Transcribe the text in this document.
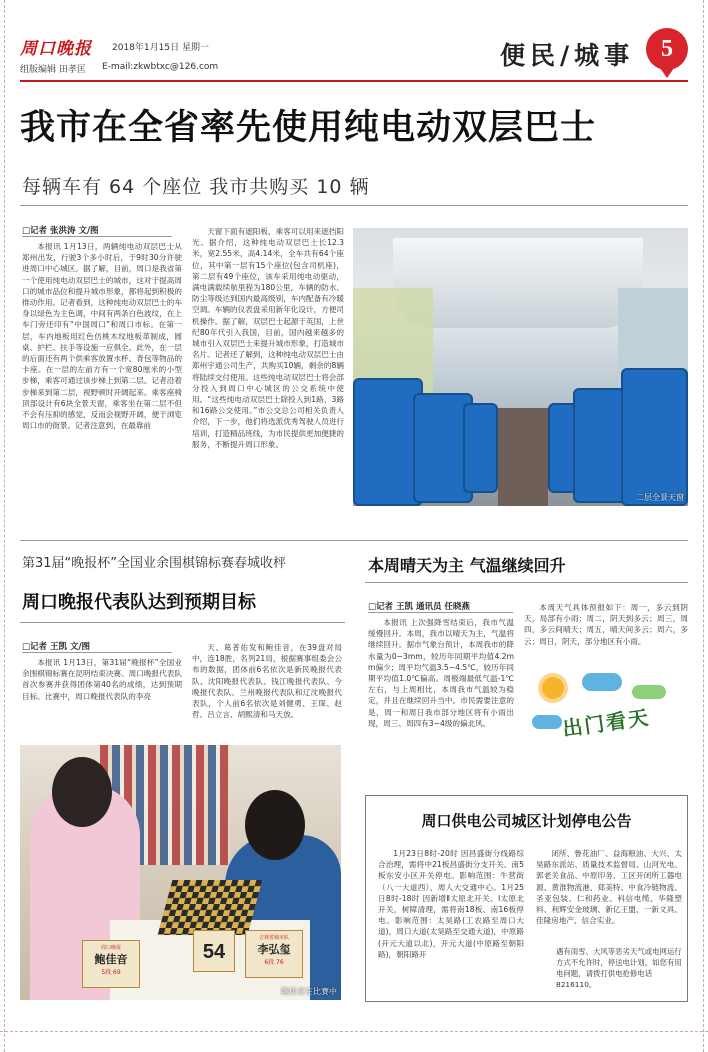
周口晚报 2018年1月15日 星期一
组版编辑 田孝匡 E-mail:zkwbtxc@126.com	便民/城事	5
我市在全省率先使用纯电动双层巴士
每辆车有 64 个座位 我市共购买 10 辆
□记者 张洪涛 文/图

本报讯 1月13日，两辆纯电动双层巴士从郑州出发，行驶3个多小时后，于9时30分许驶进周口中心城区。据了解，目前，周口是我省第一个使用纯电动双层巴士的城市，这对于提高周口的城市品位和提升城市形象，都将起到积极的推动作用。记者看到，这种纯电动双层巴士的车身以绿色为主色调，中间有两条白色波纹，在上车门旁还印有“中国周口”和周口市标。在第一层，车内地板用红色仿桃木纹地板革制成，圆桌、护栏、扶手等设施一应俱全。此外，在一层的后面还有两个供乘客放置水杯、背包等物品的卡座。在一层的左前方有一个宽80厘米的小型步梯，乘客可通过该步梯上到第二层。记者沿着步梯来到第二层，视野顿时开阔起来。乘客座椅顶部设计有6块全景天窗，乘客坐在第二层不但不会有压抑的感觉，反而会视野开阔，便于浏览周口市的街景。记者注意到，在最靠前

天窗下面有遮阳板，乘客可以用来遮挡阳光。据介绍，这种纯电动双层巴士长12.3米，宽2.55米，高4.14米，全车共有64个座位，其中第一层有15个座位(包含司机座)，第二层有49个座位，该车采用纯电动驱动，满电满载续航里程为180公里，车辆的防水、防尘等级达到国内最高级别，车内配备有冷暖空调。车辆的仪表盘采用新年化设计，方便司机操作。据了解，双层巴士起源于英国，上世纪80年代引入我国，目前，国内越来越多的城市引入双层巴士来提升城市形象，打造城市名片。记者还了解到，这种纯电动双层巴士由郑州宇通公司生产，共购买10辆，剩余的8辆将陆续交付使用。这些纯电动双层巴士将会部分投入到周口中心城区的公交系统中使用。“这些纯电动双层巴士除投入到1路、3路和16路公交使用。”市公交总公司相关负责人介绍，下一步，他们将选派优秀驾驶人员进行培训，打造精品班线，为市民提供更加便捷的服务，不断提升周口形象。

二层全景天窗
第31届“晚报杯”全国业余围棋锦标赛春城收枰
周口晚报代表队达到预期目标
□记者 王凯 文/图

本报讯 1月13日，第31届“晚报杯”全国业余围棋锦标赛在昆明结束决赛。周口晚报代表队首次参赛并获得团体第40名的成绩，达到预期目标。比赛中，周口晚报代表队的李亮

天、葛普佑发和鲍佳音，在39盘对局中，连18胜，名列21局，根据赛事组委会公布的数据，团体前6名依次是新民晚报代表队、沈阳晚报代表队、钱江晚报代表队、今晚报代表队、兰州晚报代表队和辽沈晚报代表队，个人前6名依次是刘健勇、王琛、赵哲、吕立言、胡熙清和马天放。

周口晚报
鲍佳音
5段 69
54
吉林省城市队
李弘玺
6段 76
鲍佳音在比赛中
本周晴天为主 气温继续回升
□记者 王凯 通讯员 任晓燕

本报讯 上次强降雪结束后，我市气温缓慢回升。本周，我市以晴天为主，气温将继续回升。据市气象台预计，本周我市的降水量为0~3mm，较历年同期平均值4.2mm偏少；周平均气温3.5~4.5℃，较历年同期平均值1.0℃偏高。周极端最低气温-1℃左右，与上周相比，本周我市气温较为稳定，并且在继续回升当中。市民需要注意的是，周一和周日我市部分地区将有小雨出现，周三、周四有3~4级的偏北风。

本周天气具体预报如下：周一，多云到阴天，局部有小雨；周二，阴天到多云；周三，周四，多云间晴天；周五，晴天间多云；周六，多云；周日，阴天，部分地区有小雨。

出门看天
周口供电公司城区计划停电公告

1月23日8时-20时 因昌盛街分线路综合治理，需将中21板昌盛街分支开关、南5板东安小区开关停电。影响范围：牛营街（八一大道西）、周人大交通中心。1月25日8时-18时 因新增Ⅱ太原北开关、Ⅰ太原北开关，树障清理，需将南18板、南16板停电。影响范围：太昊路(工农路至周口大道)，周口大道(太昊路至交通大道)，中原路(开元大道以北)，开元大道(中原路至朝阳路)，朝阳路开

闭所、鲁花油厂、益海粮油、大兴、太昊路东派站、质量技术监督局、山河光电、郭老关食品、中原印务、工区开闭所工器电源、黄淮物流港、郑美特、中食冷链物流、圣亚包装、仁和药业、科信电缆、华隆塑料、利辉安金玻璃、新亿王盟、一新文具、佳隆房地产、信合实业。

遇有雨雪、大风等恶劣天气或电网运行方式不允许时，停送电计划，如您有用电问题，请拨打供电抢修电话8216110。
